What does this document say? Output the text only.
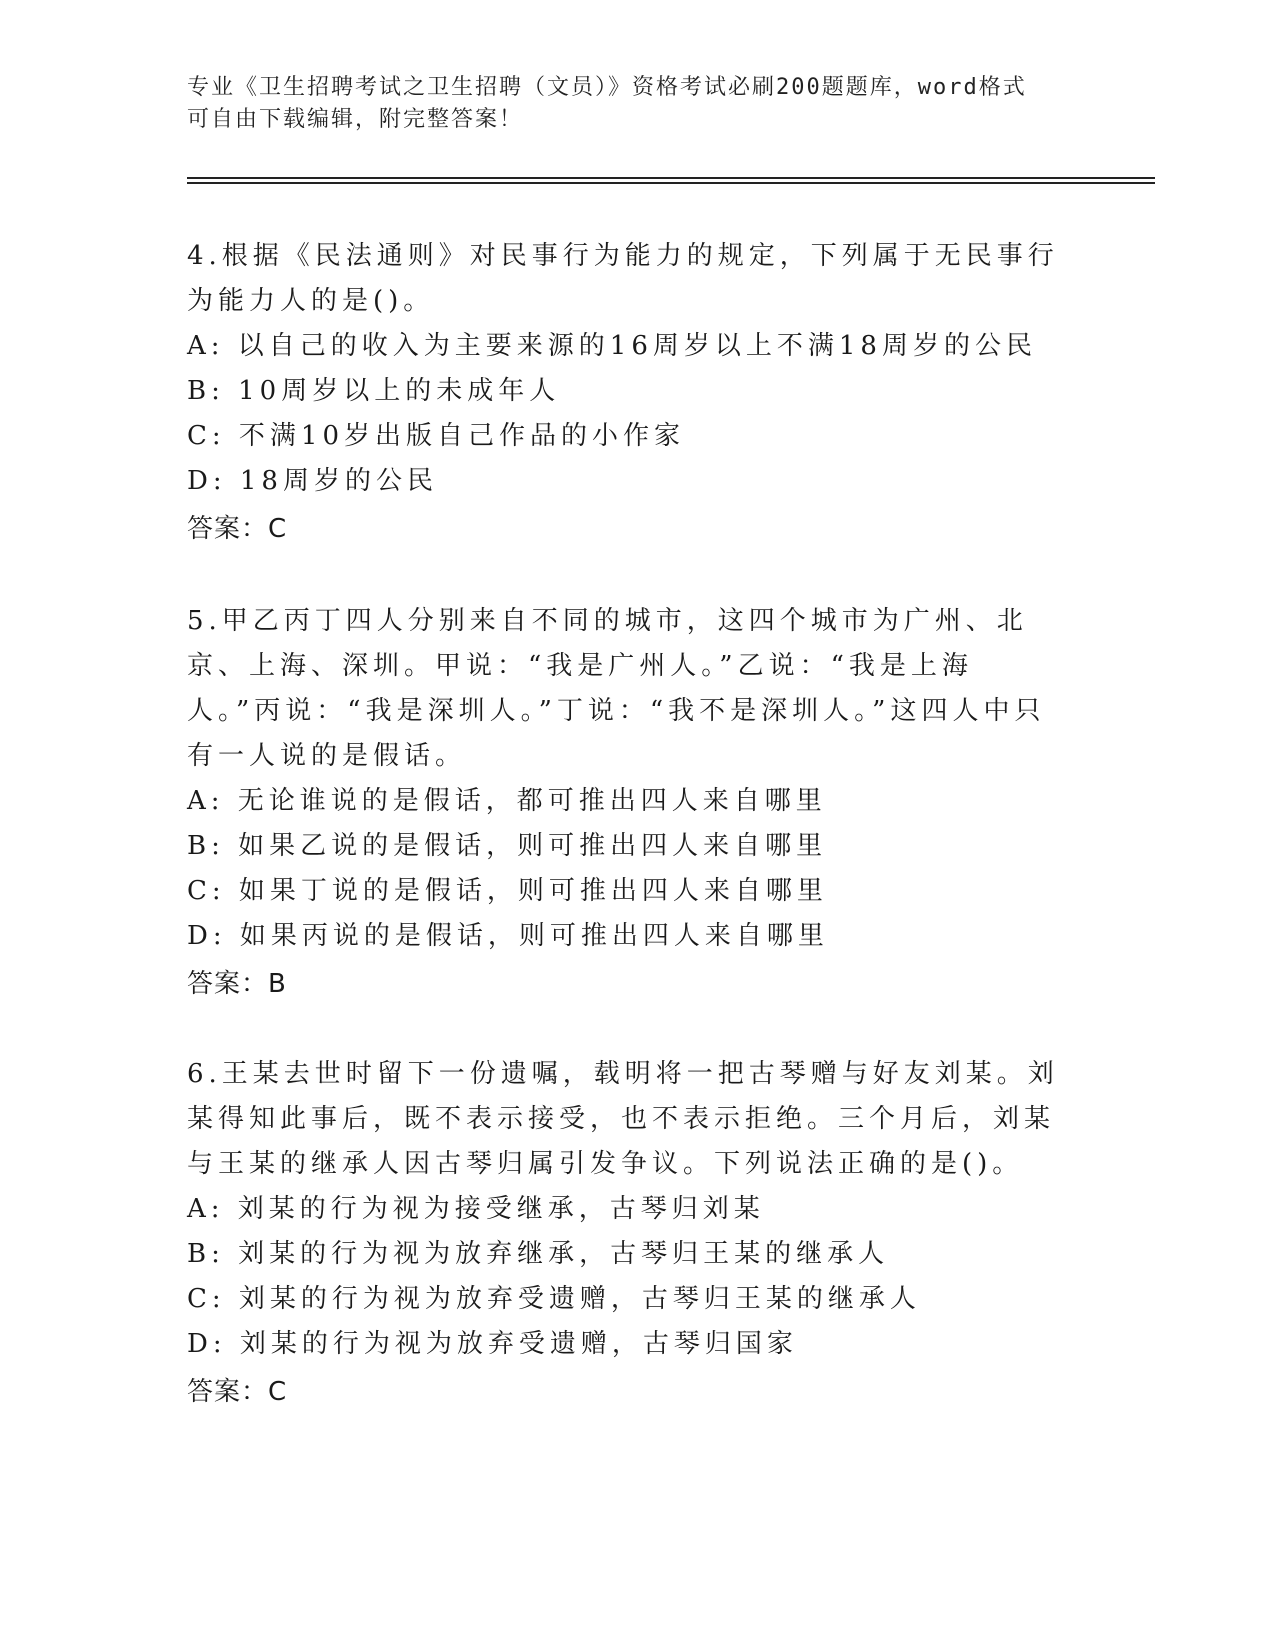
专业《卫生招聘考试之卫生招聘（文员）》资格考试必刷200题题库，word格式
可自由下载编辑，附完整答案！
4.根据《民法通则》对民事行为能力的规定，下列属于无民事行为能力人的是()。
A: 以自己的收入为主要来源的16周岁以上不满18周岁的公民
B: 10周岁以上的未成年人
C: 不满10岁出版自己作品的小作家
D: 18周岁的公民
答案：C
5.甲乙丙丁四人分别来自不同的城市，这四个城市为广州、北京、上海、深圳。甲说：“我是广州人。”乙说：“我是上海人。”丙说：“我是深圳人。”丁说：“我不是深圳人。”这四人中只有一人说的是假话。
A: 无论谁说的是假话，都可推出四人来自哪里
B: 如果乙说的是假话，则可推出四人来自哪里
C: 如果丁说的是假话，则可推出四人来自哪里
D: 如果丙说的是假话，则可推出四人来自哪里
答案：B
6.王某去世时留下一份遗嘱，载明将一把古琴赠与好友刘某。刘某得知此事后，既不表示接受，也不表示拒绝。三个月后，刘某与王某的继承人因古琴归属引发争议。下列说法正确的是()。
A: 刘某的行为视为接受继承，古琴归刘某
B: 刘某的行为视为放弃继承，古琴归王某的继承人
C: 刘某的行为视为放弃受遗赠，古琴归王某的继承人
D: 刘某的行为视为放弃受遗赠，古琴归国家
答案：C
